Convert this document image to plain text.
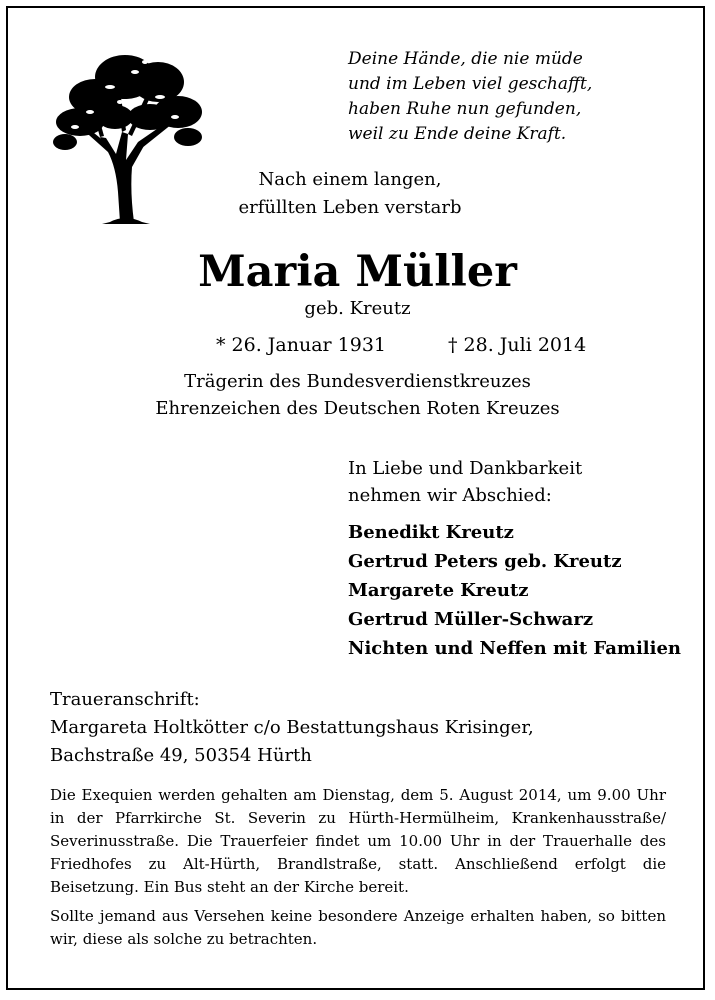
Deine Hände, die nie müde
und im Leben viel geschafft,
haben Ruhe nun gefunden,
weil zu Ende deine Kraft.
Nach einem langen,
erfüllten Leben verstarb
Maria Müller
geb. Kreutz
* 26. Januar 1931	† 28. Juli 2014
Trägerin des Bundesverdienstkreuzes
Ehrenzeichen des Deutschen Roten Kreuzes
In Liebe und Dankbarkeit
nehmen wir Abschied:
Benedikt Kreutz
Gertrud Peters geb. Kreutz
Margarete Kreutz
Gertrud Müller-Schwarz
Nichten und Neffen mit Familien
Traueranschrift:
Margareta Holtkötter c/o Bestattungshaus Krisinger,
Bachstraße 49, 50354 Hürth

Die Exequien werden gehalten am Dienstag, dem 5. August 2014, um 9.00 Uhr in der Pfarrkirche St. Severin zu Hürth-Hermülheim, Krankenhausstraße/ Severinusstraße. Die Trauerfeier findet um 10.00 Uhr in der Trauerhalle des Friedhofes zu Alt-Hürth, Brandlstraße, statt. Anschließend erfolgt die Beisetzung. Ein Bus steht an der Kirche bereit.

Sollte jemand aus Versehen keine besondere Anzeige erhalten haben, so bitten wir, diese als solche zu betrachten.
